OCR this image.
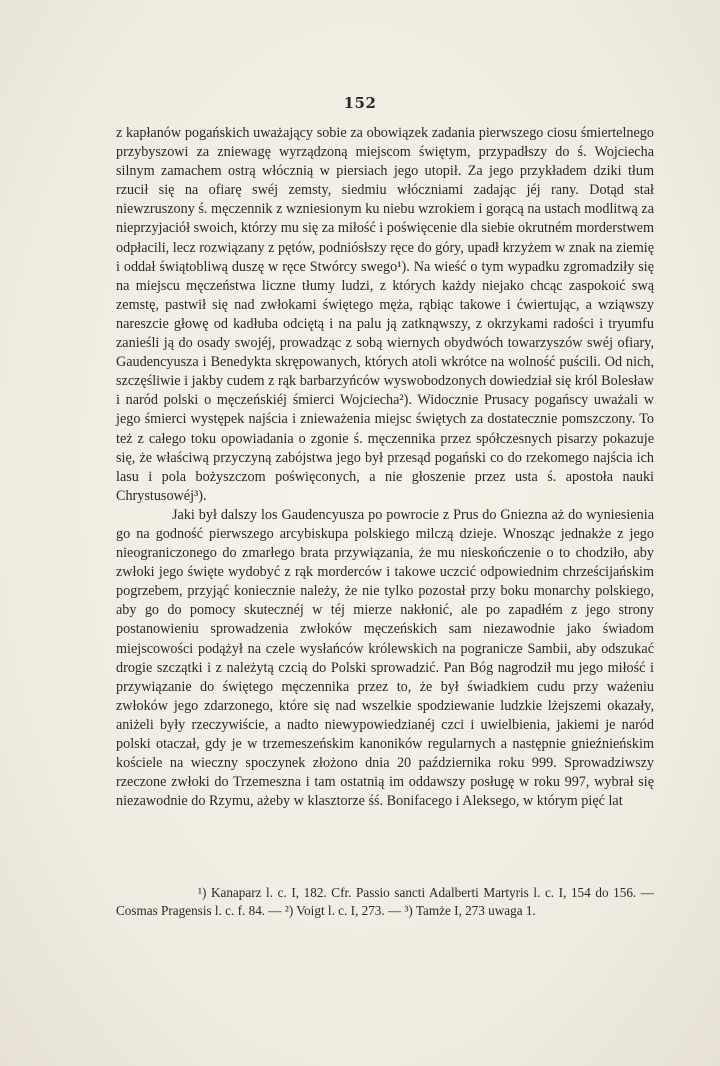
152

z kapłanów pogańskich uważający sobie za obowiązek zadania pierwszego ciosu śmiertelnego przybyszowi za zniewagę wyrządzoną miejscom świętym, przypadłszy do ś. Wojciecha silnym zamachem ostrą włócznią w piersiach jego utopił. Za jego przykładem dziki tłum rzucił się na ofiarę swéj zemsty, siedmiu włóczniami zadając jéj rany. Dotąd stał niewzruszony ś. męczennik z wzniesionym ku niebu wzrokiem i gorącą na ustach modlitwą za nieprzyjaciół swoich, którzy mu się za miłość i poświęcenie dla siebie okrutném morderstwem odpłacili, lecz rozwiązany z pętów, podniósłszy ręce do góry, upadł krzyżem w znak na ziemię i oddał świątobliwą duszę w ręce Stwórcy swego¹). Na wieść o tym wypadku zgromadziły się na miejscu męczeństwa liczne tłumy ludzi, z których każdy niejako chcąc zaspokoić swą zemstę, pastwił się nad zwłokami świętego męża, rąbiąc takowe i ćwiertując, a wziąwszy nareszcie głowę od kadłuba odciętą i na palu ją zatknąwszy, z okrzykami radości i tryumfu zanieśli ją do osady swojéj, prowadząc z sobą wiernych obydwóch towarzyszów swéj ofiary, Gaudencyusza i Benedykta skrępowanych, których atoli wkrótce na wolność puścili. Od nich, szczęśliwie i jakby cudem z rąk barbarzyńców wyswobodzonych dowiedział się król Bolesław i naród polski o męczeńskiéj śmierci Wojciecha²). Widocznie Prusacy pogańscy uważali w jego śmierci występek najścia i znieważenia miejsc świętych za dostatecznie pomszczony. To też z całego toku opowiadania o zgonie ś. męczennika przez spółczesnych pisarzy pokazuje się, że właściwą przyczyną zabójstwa jego był przesąd pogański co do rzekomego najścia ich lasu i pola bożyszczom poświęconych, a nie głoszenie przez usta ś. apostoła nauki Chrystusowéj³).

Jaki był dalszy los Gaudencyusza po powrocie z Prus do Gniezna aż do wyniesienia go na godność pierwszego arcybiskupa polskiego milczą dzieje. Wnosząc jednakże z jego nieograniczonego do zmarłego brata przywiązania, że mu nieskończenie o to chodziło, aby zwłoki jego święte wydobyć z rąk morderców i takowe uczcić odpowiednim chrześcijańskim pogrzebem, przyjąć koniecznie należy, że nie tylko pozostał przy boku monarchy polskiego, aby go do pomocy skutecznéj w téj mierze nakłonić, ale po zapadłém z jego strony postanowieniu sprowadzenia zwłoków męczeńskich sam niezawodnie jako świadom miejscowości podążył na czele wysłańców królewskich na pogranicze Sambii, aby odszukać drogie szczątki i z należytą czcią do Polski sprowadzić. Pan Bóg nagrodził mu jego miłość i przywiązanie do świętego męczennika przez to, że był świadkiem cudu przy ważeniu zwłoków jego zdarzonego, które się nad wszelkie spodziewanie ludzkie lżejszemi okazały, aniżeli były rzeczywiście, a nadto niewypowiedzianéj czci i uwielbienia, jakiemi je naród polski otaczał, gdy je w trzemeszeńskim kanoników regularnych a następnie gnieźnieńskim kościele na wieczny spoczynek złożono dnia 20 października roku 999. Sprowadziwszy rzeczone zwłoki do Trzemeszna i tam ostatnią im oddawszy posługę w roku 997, wybrał się niezawodnie do Rzymu, ażeby w klasztorze śś. Bonifacego i Aleksego, w którym pięć lat

¹) Kanaparz l. c. I, 182. Cfr. Passio sancti Adalberti Martyris l. c. I, 154 do 156. — Cosmas Pragensis l. c. f. 84. — ²) Voigt l. c. I, 273. — ³) Tamże I, 273 uwaga 1.
